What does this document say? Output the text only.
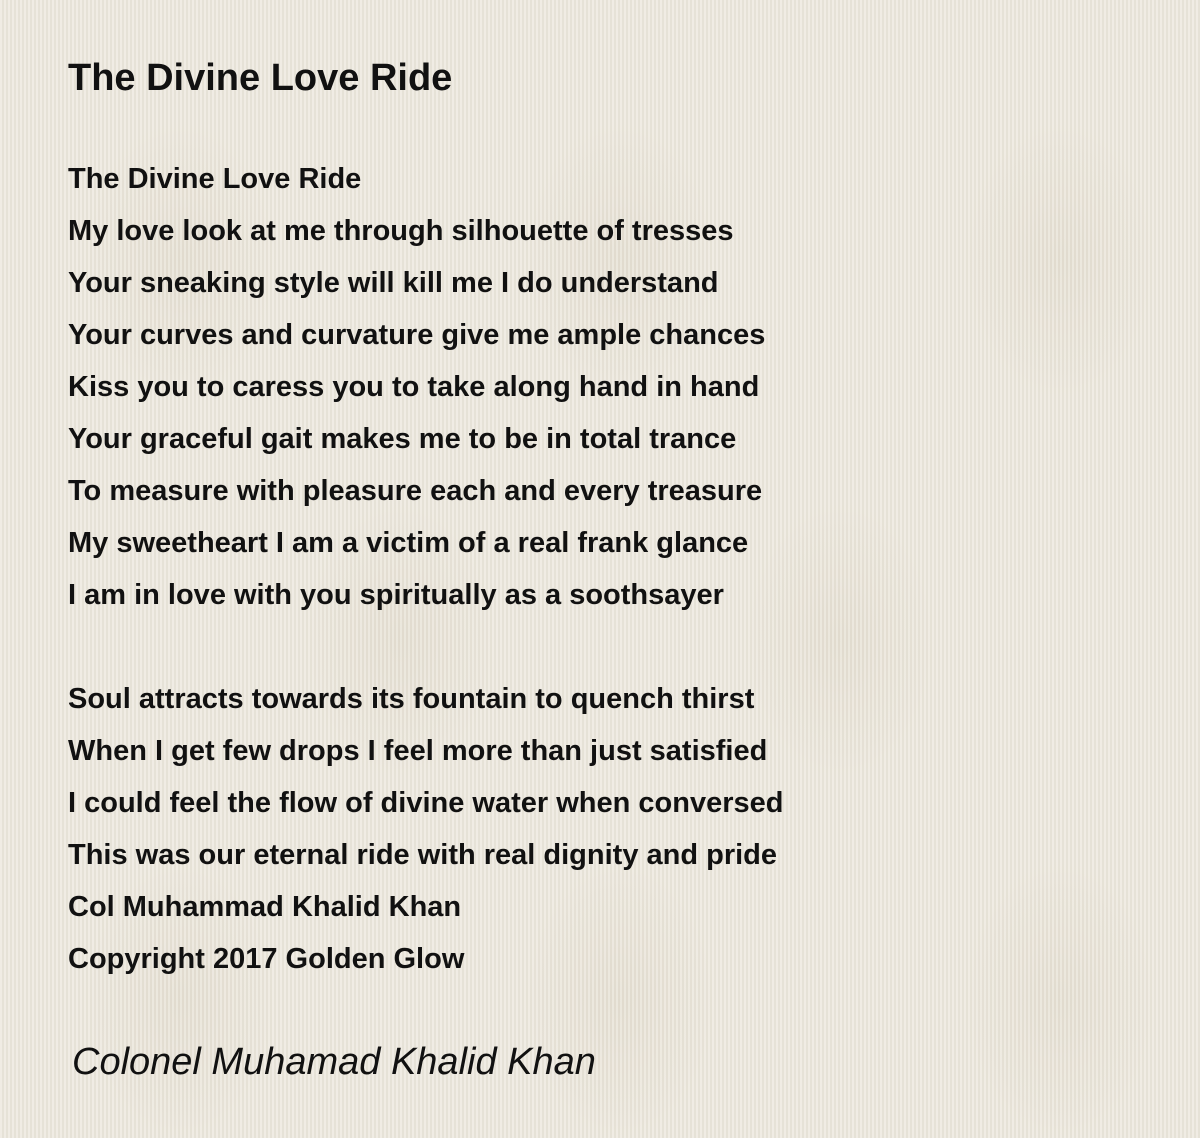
The Divine Love Ride
The Divine Love Ride
My love look at me through silhouette of tresses
Your sneaking style will kill me I do understand
Your curves and curvature give me ample chances
Kiss you to caress you to take along hand in hand
Your graceful gait makes me to be in total trance
To measure with pleasure each and every treasure
My sweetheart I am a victim of a real frank glance
I am in love with you spiritually as a soothsayer
Soul attracts towards its fountain to quench thirst
When I get few drops I feel more than just satisfied
I could feel the flow of divine water when conversed
This was our eternal ride with real dignity and pride
Col Muhammad Khalid Khan
Copyright 2017 Golden Glow
Colonel Muhamad Khalid Khan
